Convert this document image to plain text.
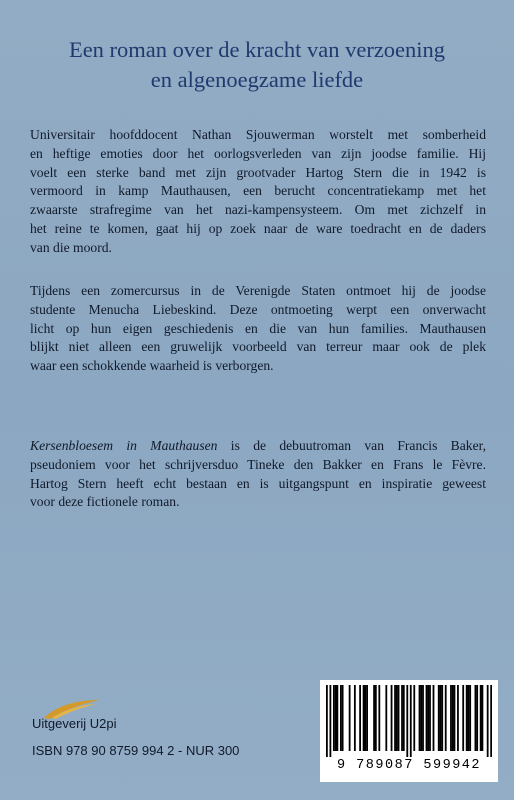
Een roman over de kracht van verzoening
en algenoegzame liefde
Universitair hoofddocent Nathan Sjouwerman worstelt met somberheid
en heftige emoties door het oorlogsverleden van zijn joodse familie. Hij
voelt een sterke band met zijn grootvader Hartog Stern die in 1942 is
vermoord in kamp Mauthausen, een berucht concentratiekamp met het
zwaarste strafregime van het nazi-kampensysteem. Om met zichzelf in
het reine te komen, gaat hij op zoek naar de ware toedracht en de daders
van die moord.
Tijdens een zomercursus in de Verenigde Staten ontmoet hij de joodse
studente Menucha Liebeskind. Deze ontmoeting werpt een onverwacht
licht op hun eigen geschiedenis en die van hun families. Mauthausen
blijkt niet alleen een gruwelijk voorbeeld van terreur maar ook de plek
waar een schokkende waarheid is verborgen.
Kersenbloesem in Mauthausen is de debuutroman van Francis Baker,
pseudoniem voor het schrijversduo Tineke den Bakker en Frans le Fèvre.
Hartog Stern heeft echt bestaan en is uitgangspunt en inspiratie geweest
voor deze fictionele roman.
Uitgeverij U2pi
ISBN 978 90 8759 994 2 - NUR 300
9 789087 599942
